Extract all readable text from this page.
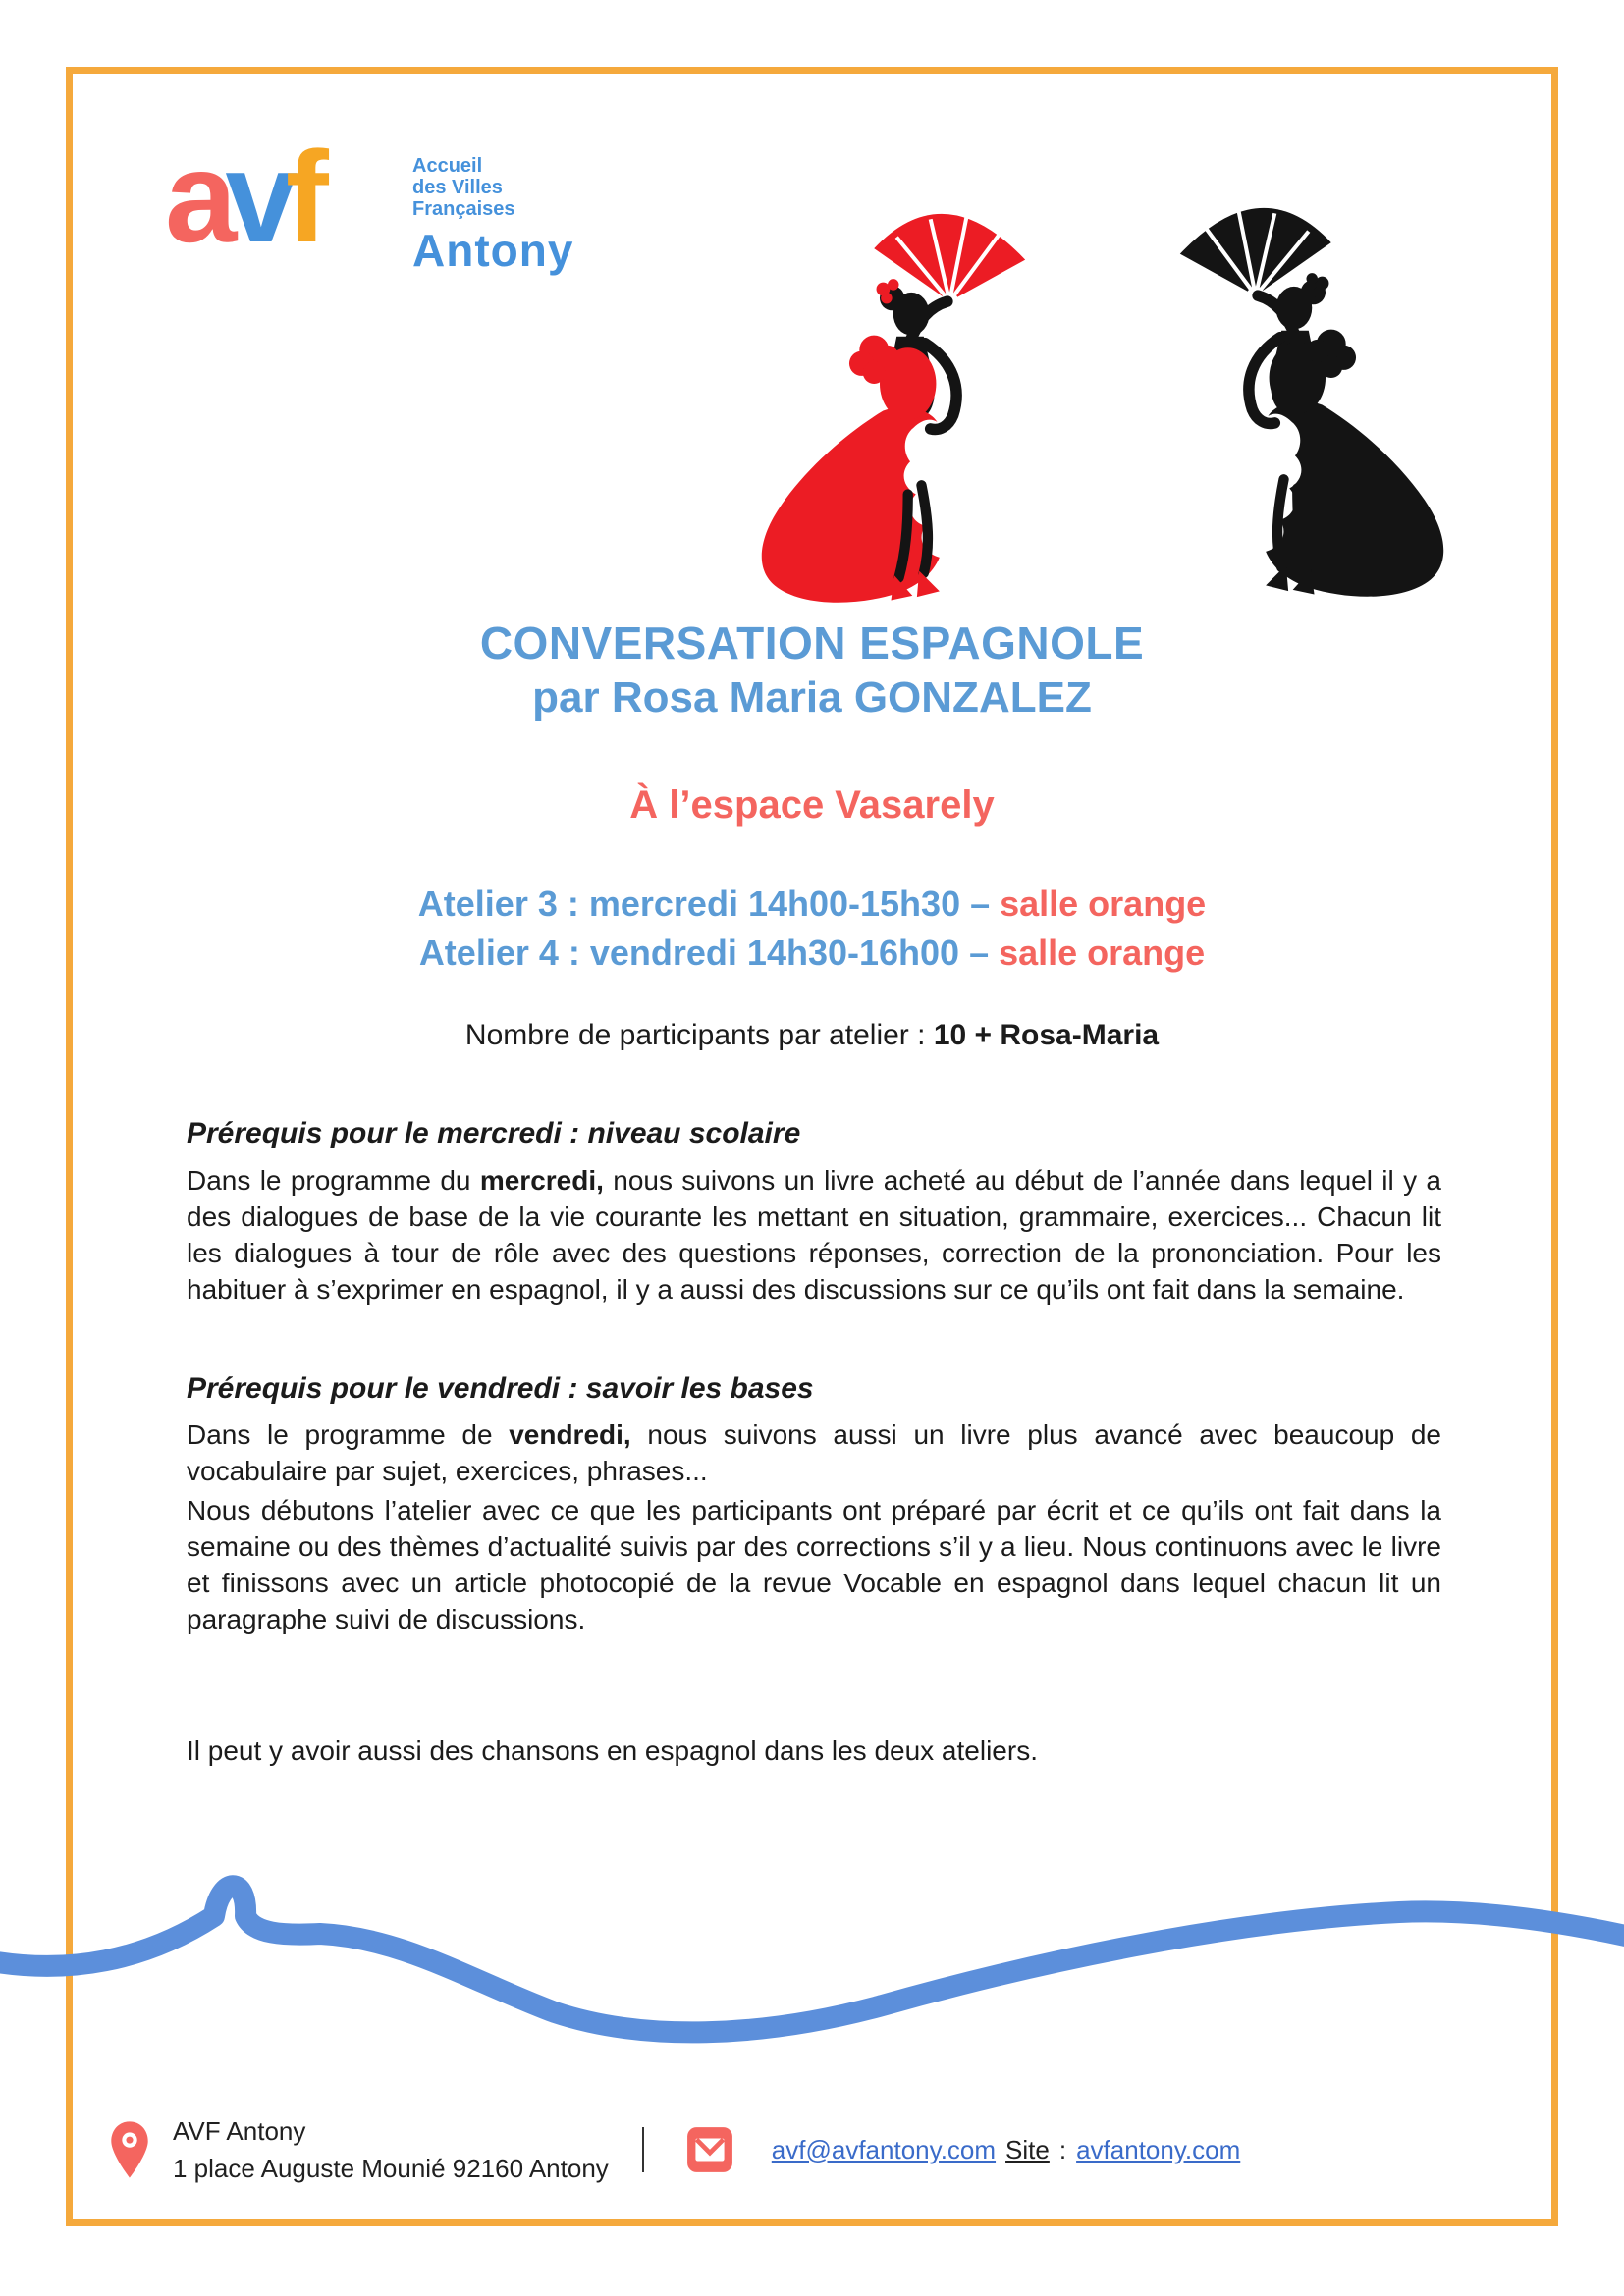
avf	Accueil
des Villes
Françaises
Antony
CONVERSATION ESPAGNOLE
par Rosa Maria GONZALEZ
À l’espace Vasarely
Atelier 3 : mercredi 14h00-15h30 – salle orange
Atelier 4 : vendredi 14h30-16h00 – salle orange
Nombre de participants par atelier : 10 + Rosa-Maria
Prérequis pour le mercredi : niveau scolaire
Dans le programme du mercredi, nous suivons un livre acheté au début de l’année dans lequel il y a des dialogues de base de la vie courante les mettant en situation, grammaire, exercices... Chacun lit les dialogues à tour de rôle avec des questions réponses, correction de la prononciation. Pour les habituer à s’exprimer en espagnol, il y a aussi des discussions sur ce qu’ils ont fait dans la semaine.
Prérequis pour le vendredi : savoir les bases
Dans le programme de vendredi, nous suivons aussi un livre plus avancé avec beaucoup de vocabulaire par sujet, exercices, phrases...
Nous débutons l’atelier avec ce que les participants ont préparé par écrit et ce qu’ils ont fait dans la semaine ou des thèmes d’actualité suivis par des corrections s’il y a lieu. Nous continuons avec le livre et finissons avec un article photocopié de la revue Vocable en espagnol dans lequel chacun lit un paragraphe suivi de discussions.
Il peut y avoir aussi des chansons en espagnol dans les deux ateliers.
AVF Antony
1 place Auguste Mounié 92160 Antony
avf@avfantony.com Site : avfantony.com
